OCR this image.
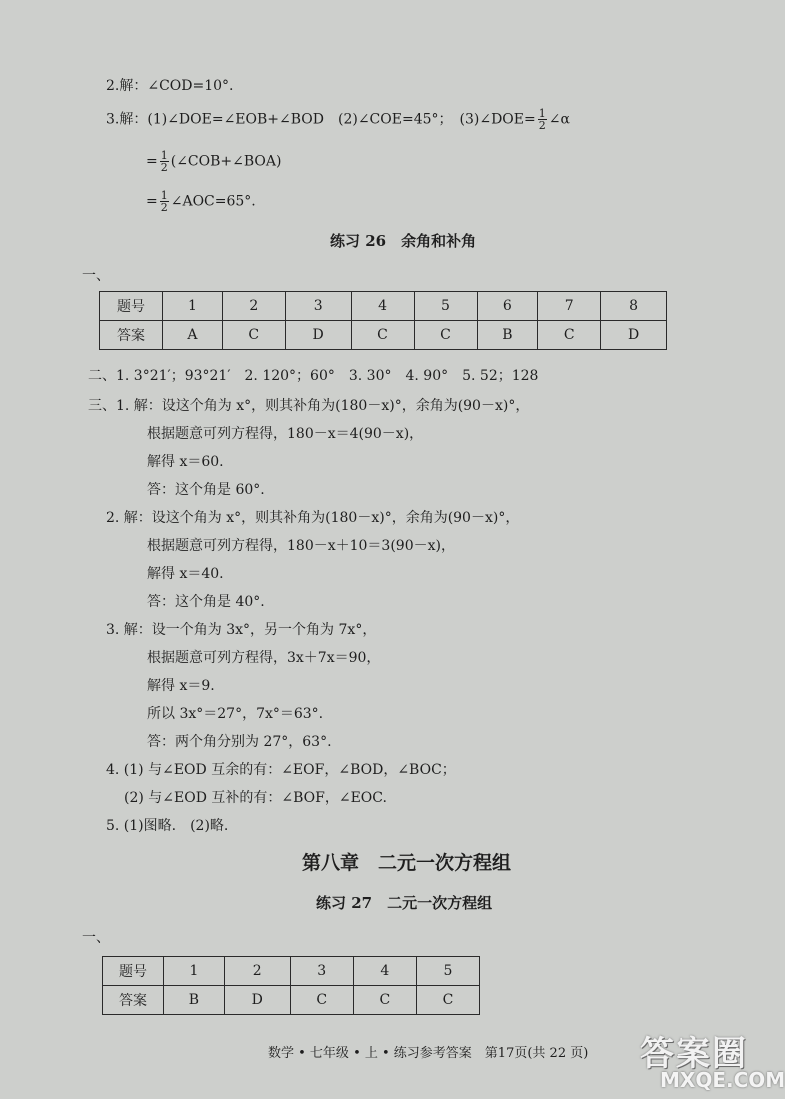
2.解：∠COD=10°.
3.解：(1)∠DOE=∠EOB+∠BOD　(2)∠COE=45°；　(3)∠DOE= $\frac{1}{2}$ ∠α
= $\frac{1}{2}$ (∠COB+∠BOA)
= $\frac{1}{2}$ ∠AOC=65°.
练习 26　余角和补角
一、
题号	1	2	3	4	5	6	7	8
答案	A	C	D	C	C	B	C	D
二、1. 3°21′；93°21′　2. 120°；60°　3. 30°　4. 90°　5. 52；128
三、1. 解：设这个角为 x°，则其补角为(180－x)°，余角为(90－x)°，
根据题意可列方程得，180－x＝4(90－x)，
解得 x＝60.
答：这个角是 60°.
2. 解：设这个角为 x°，则其补角为(180－x)°，余角为(90－x)°，
根据题意可列方程得，180－x＋10＝3(90－x)，
解得 x＝40.
答：这个角是 40°.
3. 解：设一个角为 3x°，另一个角为 7x°，
根据题意可列方程得，3x＋7x＝90，
解得 x＝9.
所以 3x°＝27°，7x°＝63°.
答：两个角分别为 27°，63°.
4. (1) 与∠EOD 互余的有：∠EOF，∠BOD，∠BOC；
(2) 与∠EOD 互补的有：∠BOF，∠EOC.
5. (1)图略.　(2)略.
第八章　二元一次方程组
练习 27　二元一次方程组
一、
题号	1	2	3	4	5
答案	B	D	C	C	C
数学 • 七年级 • 上 • 练习参考答案　第17页(共 22 页) 答案圈
MXQE.COM
